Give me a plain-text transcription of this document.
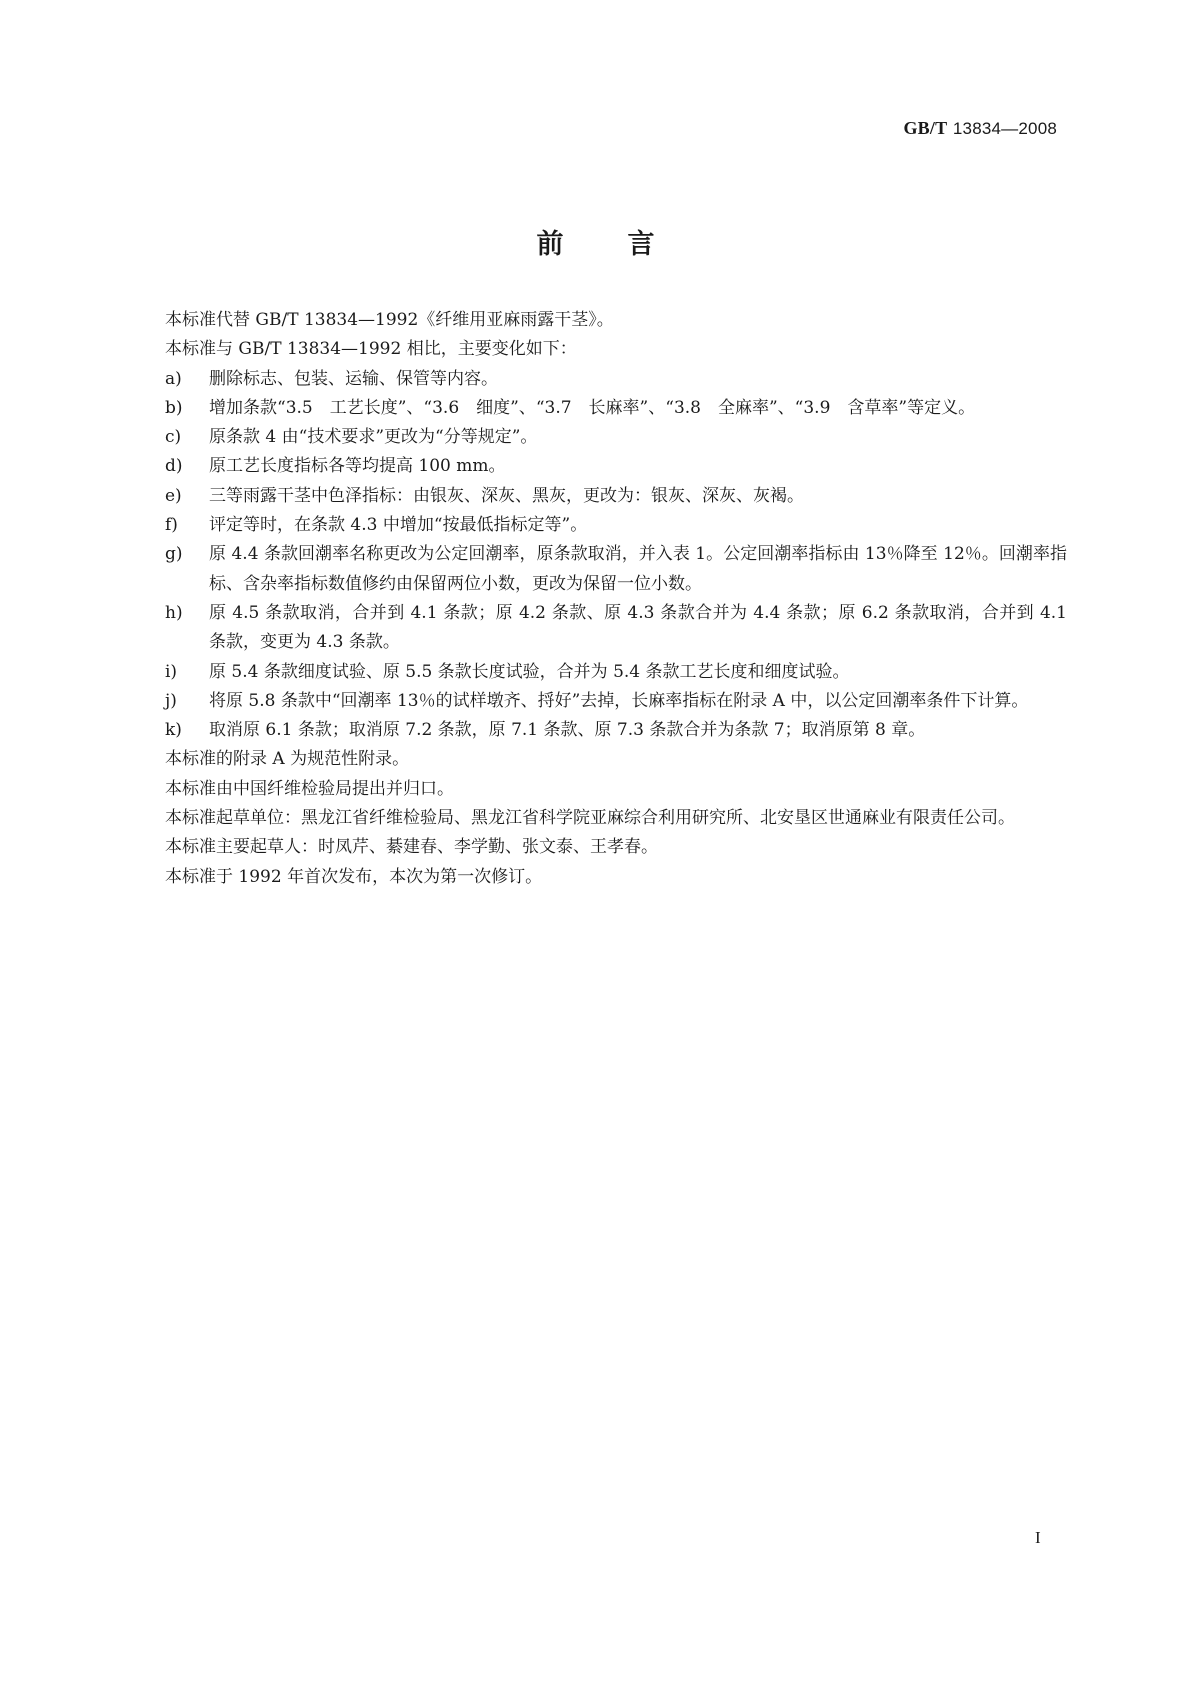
GB/T 13834—2008
前言

本标准代替 GB/T 13834—1992《纤维用亚麻雨露干茎》。

本标准与 GB/T 13834—1992 相比，主要变化如下：

a)	删除标志、包装、运输、保管等内容。
b)	增加条款“3.5　工艺长度”、“3.6　细度”、“3.7　长麻率”、“3.8　全麻率”、“3.9　含草率”等定义。
c)	原条款 4 由“技术要求”更改为“分等规定”。
d)	原工艺长度指标各等均提高 100 mm。
e)	三等雨露干茎中色泽指标：由银灰、深灰、黑灰，更改为：银灰、深灰、灰褐。
f)	评定等时，在条款 4.3 中增加“按最低指标定等”。
g)	原 4.4 条款回潮率名称更改为公定回潮率，原条款取消，并入表 1。公定回潮率指标由 13％降至 12％。回潮率指标、含杂率指标数值修约由保留两位小数，更改为保留一位小数。
h)	原 4.5 条款取消，合并到 4.1 条款；原 4.2 条款、原 4.3 条款合并为 4.4 条款；原 6.2 条款取消，合并到 4.1 条款，变更为 4.3 条款。
i)	原 5.4 条款细度试验、原 5.5 条款长度试验，合并为 5.4 条款工艺长度和细度试验。
j)	将原 5.8 条款中“回潮率 13％的试样墩齐、捋好”去掉，长麻率指标在附录 A 中，以公定回潮率条件下计算。
k)	取消原 6.1 条款；取消原 7.2 条款，原 7.1 条款、原 7.3 条款合并为条款 7；取消原第 8 章。

本标准的附录 A 为规范性附录。

本标准由中国纤维检验局提出并归口。

本标准起草单位：黑龙江省纤维检验局、黑龙江省科学院亚麻综合利用研究所、北安垦区世通麻业有限责任公司。

本标准主要起草人：时凤芹、綦建春、李学勤、张文泰、王孝春。

本标准于 1992 年首次发布，本次为第一次修订。

I
